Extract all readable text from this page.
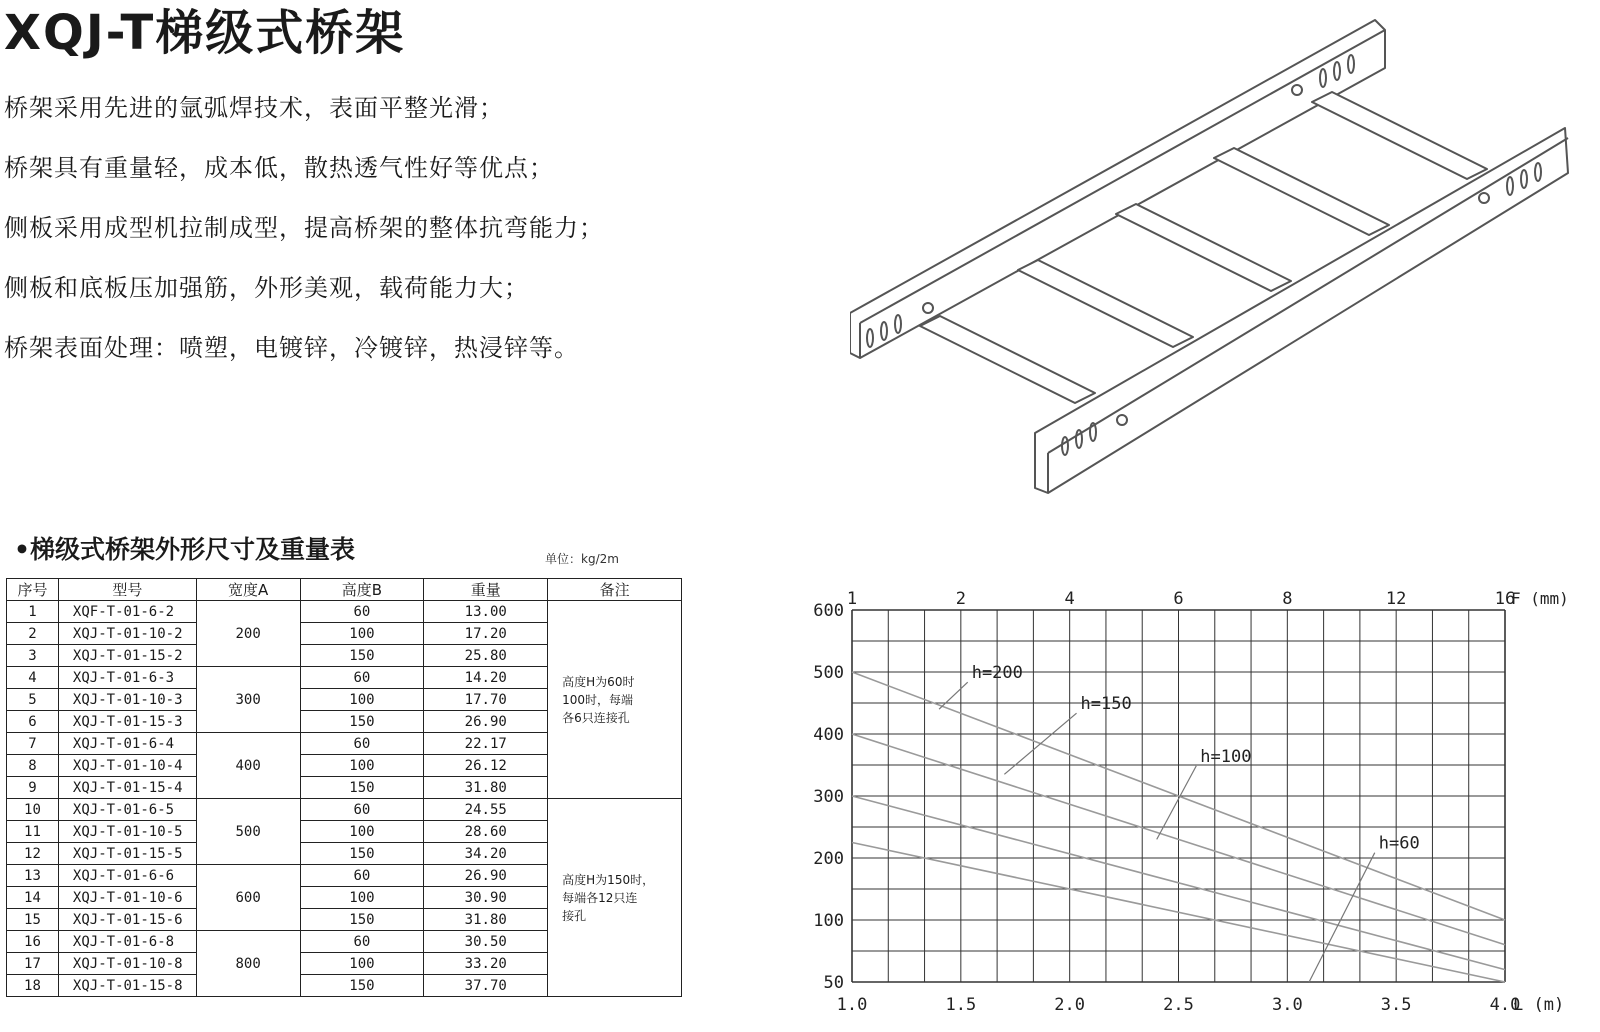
XQJ-T梯级式桥架
桥架采用先进的氩弧焊技术，表面平整光滑；
桥架具有重量轻，成本低，散热透气性好等优点；
侧板采用成型机拉制成型，提高桥架的整体抗弯能力；
侧板和底板压加强筋，外形美观，载荷能力大；
桥架表面处理：喷塑，电镀锌，冷镀锌，热浸锌等。
•梯级式桥架外形尺寸及重量表	单位：kg/2m
序号	型号	宽度A	高度B	重量	备注
1	XQF-T-01-6-2	200	60	13.00	高度H为60时
100时，每端
各6只连接孔

2	XQJ-T-01-10-2		100	17.20	
3	XQJ-T-01-15-2		150	25.80	
4	XQJ-T-01-6-3	300	60	14.20	
5	XQJ-T-01-10-3		100	17.70	
6	XQJ-T-01-15-3		150	26.90	
7	XQJ-T-01-6-4	400	60	22.17	
8	XQJ-T-01-10-4		100	26.12	
9	XQJ-T-01-15-4		150	31.80	
10	XQJ-T-01-6-5	500	60	24.55	高度H为150时，
每端各12只连
接孔

11	XQJ-T-01-10-5		100	28.60	
12	XQJ-T-01-15-5		150	34.20	
13	XQJ-T-01-6-6	600	60	26.90	
14	XQJ-T-01-10-6		100	30.90	
15	XQJ-T-01-15-6		150	31.80	
16	XQJ-T-01-6-8	800	60	30.50	
17	XQJ-T-01-10-8		100	33.20	
18	XQJ-T-01-15-8		150	37.70	
600
500
400
300
200
100
50
1.0	1.5	2.0	2.5	3.0	3.5	4.0
L (m)
1	2	4	6	8	12	16
F (mm)
h=200
h=150
h=100
h=60
